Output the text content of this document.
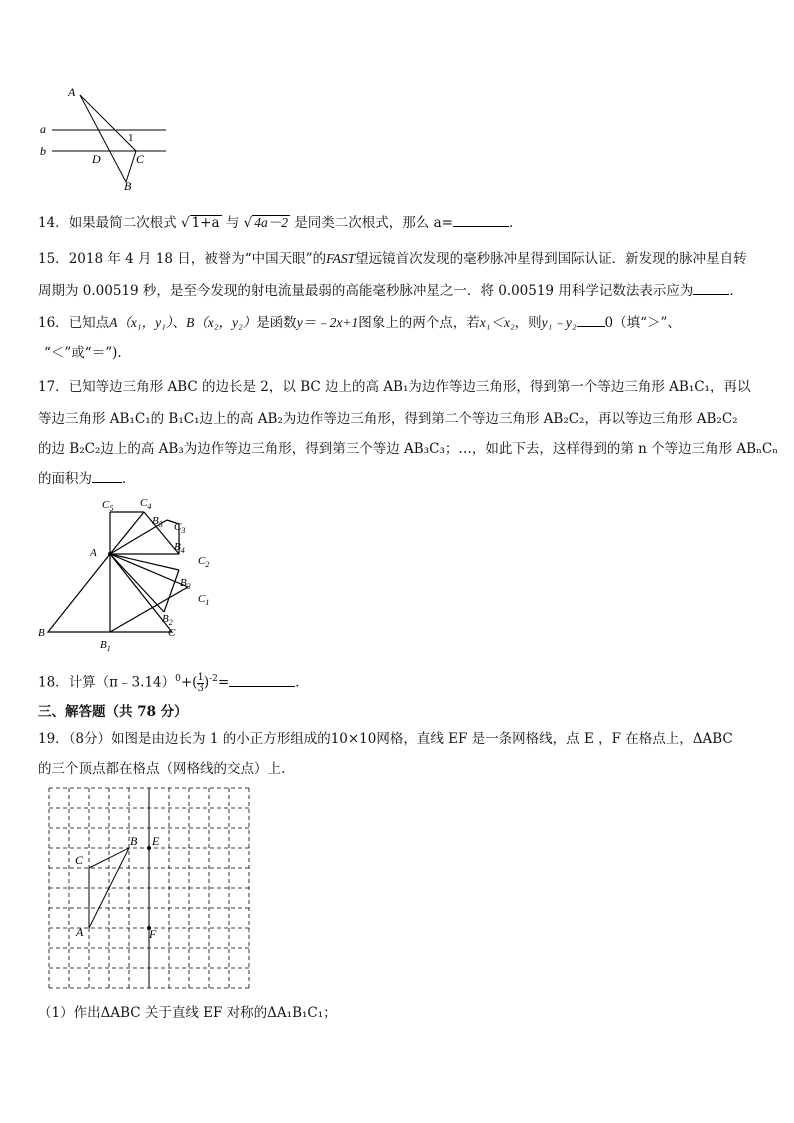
A
a
b
1
D	C
B
14．如果最简二次根式 √ 1+a 与 √ 4a－2 是同类二次根式，那么 a=	．
15．2018 年 4 月 18 日，被誉为“中国天眼”的FAST望远镜首次发现的毫秒脉冲星得到国际认证．新发现的脉冲星自转
周期为 0.00519 秒，是至今发现的射电流量最弱的高能毫秒脉冲星之一．将 0.00519 用科学记数法表示应为	．
16．已知点A（x₁，y₁）、B（x₂，y₂）是函数y＝﹣2x+1图象上的两个点，若x₁＜x₂，则y₁﹣y₂ 0（填“＞”、
“＜”或“＝”).
17．已知等边三角形 ABC 的边长是 2，以 BC 边上的高 AB₁为边作等边三角形，得到第一个等边三角形 AB₁C₁，再以
等边三角形 AB₁C₁的 B₁C₁边上的高 AB₂为边作等边三角形，得到第二个等边三角形 AB₂C₂，再以等边三角形 AB₂C₂
的边 B₂C₂边上的高 AB₃为边作等边三角形，得到第三个等边 AB₃C₃；…，如此下去，这样得到的第 n 个等边三角形 ABₙCₙ
的面积为 ．
$C_5$ $C_4$
$B_5$ $C_3$
A	$B_4$
$C_2$
$B_3$
$C_1$
$B_2$
B
$B_1$
C
18．计算（π﹣3.14）$^0$+( $\frac{1}{3} )^{-2}=$	．
三、解答题（共 78 分）
19．（8分）如图是由边长为 1 的小正方形组成的10×10网格，直线 EF 是一条网格线，点 E ，F 在格点上，ΔABC
的三个顶点都在格点（网格线的交点）上.
B E
C
A	F
（1）作出ΔABC 关于直线 EF 对称的ΔA₁B₁C₁；
